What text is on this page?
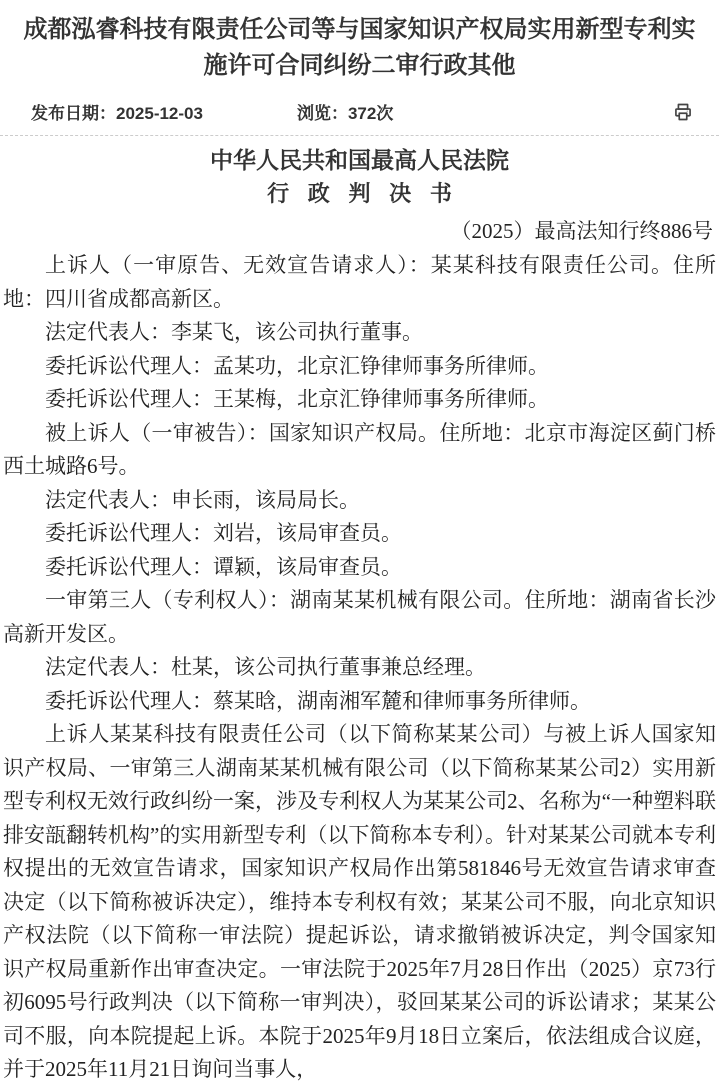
成都泓睿科技有限责任公司等与国家知识产权局实用新型专利实施许可合同纠纷二审行政其他
发布日期：2025-12-03	浏览：372次
中华人民共和国最高人民法院
行政判决书
（2025）最高法知行终886号

上诉人（一审原告、无效宣告请求人）：某某科技有限责任公司。住所地：四川省成都高新区。

法定代表人：李某飞，该公司执行董事。

委托诉讼代理人：孟某功，北京汇铮律师事务所律师。

委托诉讼代理人：王某梅，北京汇铮律师事务所律师。

被上诉人（一审被告）：国家知识产权局。住所地：北京市海淀区蓟门桥西土城路6号。

法定代表人：申长雨，该局局长。

委托诉讼代理人：刘岩，该局审查员。

委托诉讼代理人：谭颖，该局审查员。

一审第三人（专利权人）：湖南某某机械有限公司。住所地：湖南省长沙高新开发区。

法定代表人：杜某，该公司执行董事兼总经理。

委托诉讼代理人：蔡某晗，湖南湘军麓和律师事务所律师。

上诉人某某科技有限责任公司（以下简称某某公司）与被上诉人国家知识产权局、一审第三人湖南某某机械有限公司（以下简称某某公司2）实用新型专利权无效行政纠纷一案，涉及专利权人为某某公司2、名称为“一种塑料联排安瓿翻转机构”的实用新型专利（以下简称本专利）。针对某某公司就本专利权提出的无效宣告请求，国家知识产权局作出第581846号无效宣告请求审查决定（以下简称被诉决定），维持本专利权有效；某某公司不服，向北京知识产权法院（以下简称一审法院）提起诉讼，请求撤销被诉决定，判令国家知识产权局重新作出审查决定。一审法院于2025年7月28日作出（2025）京73行初6095号行政判决（以下简称一审判决），驳回某某公司的诉讼请求；某某公司不服，向本院提起上诉。本院于2025年9月18日立案后，依法组成合议庭，并于2025年11月21日询问当事人，
